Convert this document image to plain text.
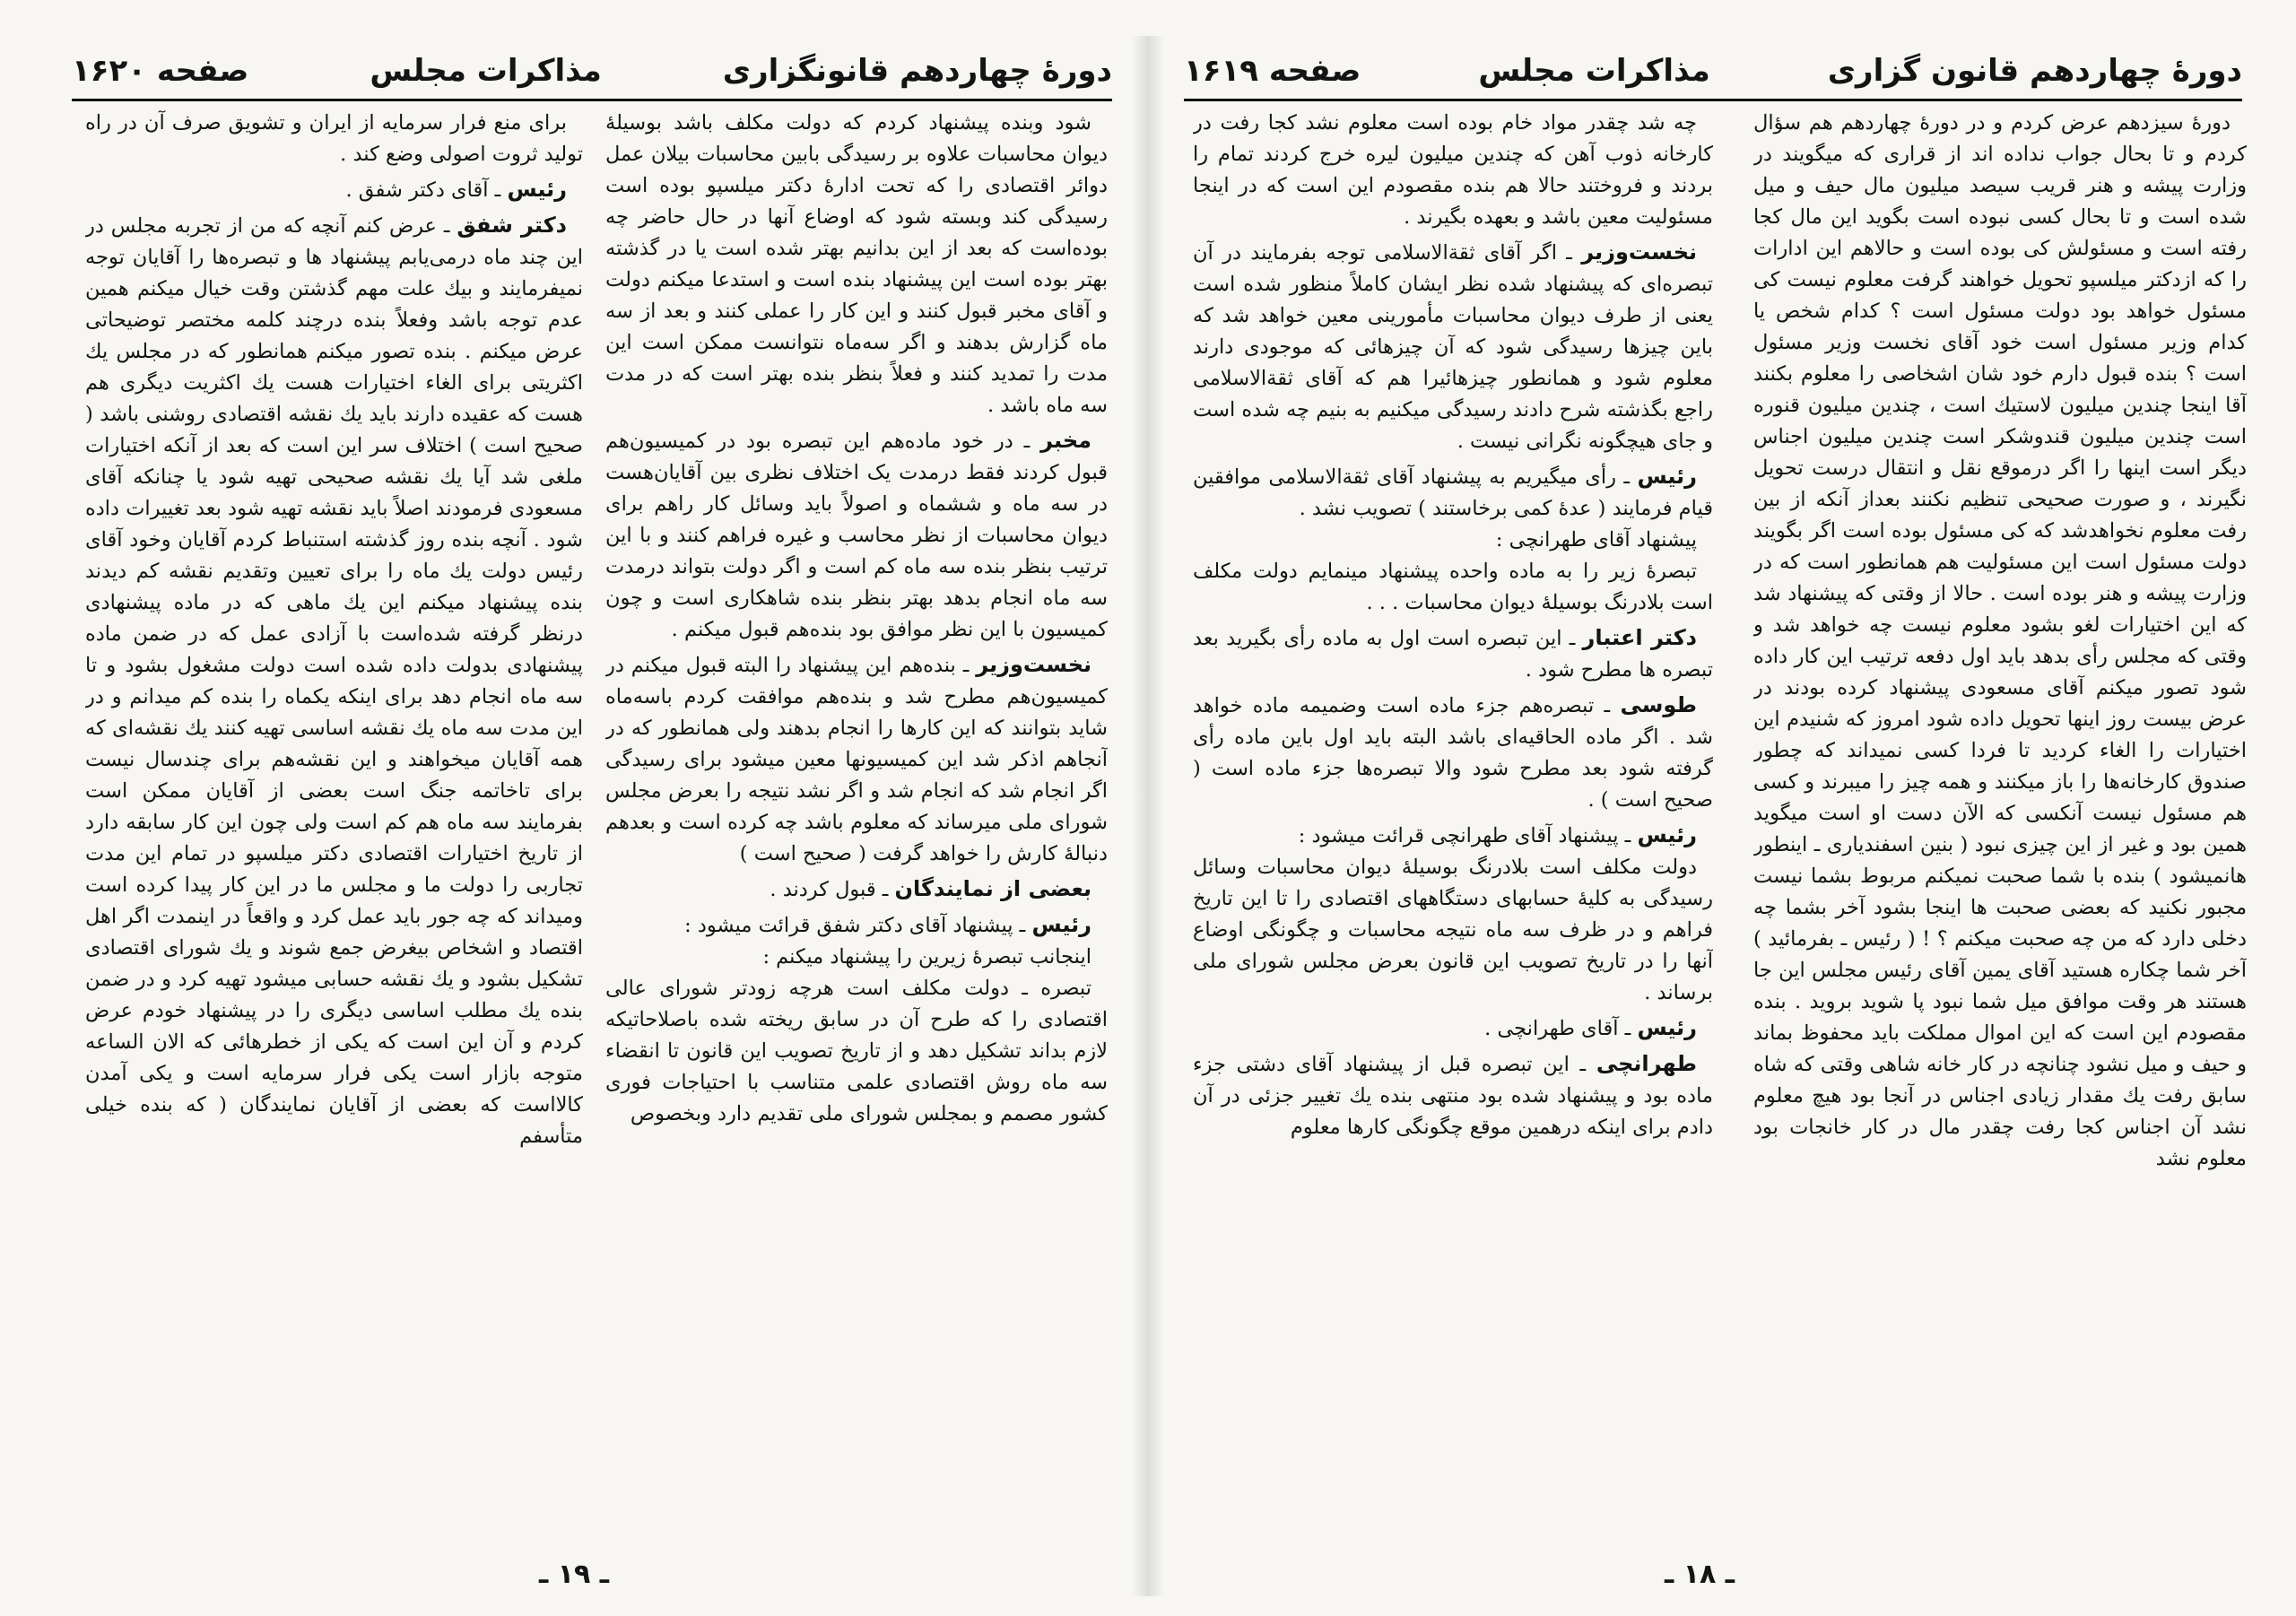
دورهٔ چهاردهم قانونگزاری
مذاکرات مجلس
صفحه ۱۶۲۰

شود وبنده پیشنهاد کردم که دولت مکلف باشد بوسیلهٔ دیوان محاسبات علاوه بر رسیدگی بابین محاسبات بیلان عمل دوائر اقتصادی را که تحت ادارهٔ دکتر میلسپو بوده است رسیدگی کند وبسته شود که اوضاع آنها در حال حاضر چه بوده‌است که بعد از این بدانیم بهتر شده است یا در گذشته بهتر بوده است این پیشنهاد بنده است و استدعا میکنم دولت و آقای مخبر قبول کنند و این کار را عملی کنند و بعد از سه ماه گزارش بدهند و اگر سه‌ماه نتوانست ممکن است این مدت را تمدید کنند و فعلاً بنظر بنده بهتر است که در مدت سه ماه باشد .

مخبر ـ در خود ماده‌هم این تبصره بود در کمیسیون‌هم قبول کردند فقط درمدت یک اختلاف نظری بین آقایان‌هست در سه ماه و ششماه و اصولاً باید وسائل کار راهم برای دیوان محاسبات از نظر محاسب و غیره فراهم کنند و با این ترتیب بنظر بنده سه ماه کم است و اگر دولت بتواند درمدت سه ماه انجام بدهد بهتر بنظر بنده شاهکاری است و چون کمیسیون با این نظر موافق بود بنده‌هم قبول میکنم .

نخست‌وزیر ـ بنده‌هم این پیشنهاد را البته قبول میکنم در کمیسیون‌هم مطرح شد و بنده‌هم موافقت کردم باسه‌ماه شاید بتوانند که این کارها را انجام بدهند ولی همانطور که در آنجاهم اذکر شد این کمیسیونها معین میشود برای رسیدگی اگر انجام شد که انجام شد و اگر نشد نتیجه را بعرض مجلس شورای ملی میرساند که معلوم باشد چه کرده است و بعدهم دنبالهٔ کارش را خواهد گرفت ( صحیح است )

بعضی از نمایندگان ـ قبول کردند .

رئیس ـ پیشنهاد آقای دکتر شفق قرائت میشود :

اینجانب تبصرهٔ زیرین را پیشنهاد میکنم :

تبصره ـ دولت مکلف است هرچه زودتر شورای عالی اقتصادی را که طرح آن در سابق ریخته شده باصلاحاتیکه لازم بداند تشکیل دهد و از تاریخ تصویب این قانون تا انقضاء سه ماه روش اقتصادی علمی متناسب با احتیاجات فوری کشور مصمم و بمجلس شورای ملی تقدیم دارد وبخصوص

برای منع فرار سرمایه از ایران و تشویق صرف آن در راه تولید ثروت اصولی وضع کند .

رئیس ـ آقای دکتر شفق .

دکتر شفق ـ عرض کنم آنچه که من از تجربه مجلس در این چند ماه درمی‌یابم پیشنهاد ها و تبصره‌ها را آقایان توجه نمیفرمایند و بیك علت مهم گذشتن وقت خیال میکنم همین عدم توجه باشد وفعلاً بنده درچند کلمه مختصر توضیحاتی عرض میکنم . بنده تصور میکنم همانطور که در مجلس یك اکثریتی برای الغاء اختیارات هست یك اکثریت دیگری هم هست که عقیده دارند باید یك نقشه اقتصادی روشنی باشد ( صحیح است ) اختلاف سر این است که بعد از آنکه اختیارات ملغی شد آیا یك نقشه صحیحی تهیه شود یا چنانکه آقای مسعودی فرمودند اصلاً باید نقشه تهیه شود بعد تغییرات داده شود . آنچه بنده روز گذشته استنباط کردم آقایان وخود آقای رئیس دولت یك ماه را برای تعیین وتقدیم نقشه کم دیدند بنده پیشنهاد میکنم این یك ماهی که در ماده پیشنهادی درنظر گرفته شده‌است با آزادی عمل که در ضمن ماده پیشنهادی بدولت داده شده است دولت مشغول بشود و تا سه ماه انجام دهد برای اینکه یکماه را بنده کم میدانم و در این مدت سه ماه یك نقشه اساسی تهیه کنند یك نقشه‌ای که همه آقایان میخواهند و این نقشه‌هم برای چندسال نیست برای تاخاتمه جنگ است بعضی از آقایان ممکن است بفرمایند سه ماه هم کم است ولی چون این کار سابقه دارد از تاریخ اختیارات اقتصادی دکتر میلسپو در تمام این مدت تجاربی را دولت ما و مجلس ما در این کار پیدا کرده است ومیداند که چه جور باید عمل کرد و واقعاً در اینمدت اگر اهل اقتصاد و اشخاص بیغرض جمع شوند و یك شورای اقتصادی تشکیل بشود و یك نقشه حسابی میشود تهیه کرد و در ضمن بنده یك مطلب اساسی دیگری را در پیشنهاد خودم عرض کردم و آن این است که یکی از خطرهائی که الا‌ن الساعه متوجه بازار است یکی فرار سرمایه است و یکی آمدن کالااست که بعضی از آقایان نمایندگان ( که بنده خیلی متأسفم

ـ ۱۹ ـ
دورهٔ چهاردهم قانون گزاری
مذاکرات مجلس
صفحه ۱۶۱۹

دورهٔ سیزدهم عرض کردم و در دورهٔ چهاردهم هم سؤال کردم و تا بحال جواب نداده اند از قراری که میگویند در وزارت پیشه و هنر قریب سیصد میلیون مال حیف و میل شده است و تا بحال کسی نبوده است بگوید این مال کجا رفته است و مسئولش کی بوده است و حالاهم این ادارات را که ازدکتر میلسپو تحویل خواهند گرفت معلوم نیست کی مسئول خواهد بود دولت مسئول است ؟ کدام شخص یا کدام وزیر مسئول است خود آقای نخست وزیر مسئول است ؟ بنده قبول دارم خود شان اشخاصی را معلوم بکنند آقا اینجا چندین میلیون لاستیك است ، چندین میلیون قنوره است چندین میلیون قندوشکر است چندین میلیون اجناس دیگر است اینها را اگر درموقع نقل و انتقال درست تحویل نگیرند ، و صورت صحیحی تنظیم نکنند بعداز آنکه از بین رفت معلوم نخواهدشد که کی مسئول بوده است اگر بگویند دولت مسئول است این مسئولیت هم همانطور است که در وزارت پیشه و هنر بوده است . حالا از وقتی که پیشنهاد شد که این اختیارات لغو بشود معلوم نیست چه خواهد شد و وقتی که مجلس رأی بدهد باید اول دفعه ترتیب این کار داده شود تصور میکنم آقای مسعودی پیشنهاد کرده بودند در عرض بیست روز اینها تحویل داده شود امروز که شنیدم این اختیارات را الغاء کردید تا فردا کسی نمیداند که چطور صندوق کارخانه‌ها را باز میکنند و همه چیز را میبرند و کسی هم مسئول نیست آنکسی که الآن دست او است میگوید همین بود و غیر از این چیزی نبود ( بنین اسفندیاری ـ اینطور هانمیشود ) بنده با شما صحبت نمیکنم مربوط بشما نیست مجبور نکنید که بعضی صحبت ها اینجا بشود آخر بشما چه دخلی دارد که من چه صحبت میکنم ؟ ! ( رئیس ـ بفرمائید ) آخر شما چکاره هستید آقای یمین آقای رئیس مجلس این جا هستند هر وقت موافق میل شما نبود پا شوید بروید . بنده مقصودم این است که این اموال مملکت باید محفوظ بماند و حیف و میل نشود چنانچه در کار خانه شاهی وقتی که شاه سابق رفت یك مقدار زیادی اجناس در آنجا بود هیچ معلوم نشد آن اجناس کجا رفت چقدر مال در کار خانجات بود معلوم نشد

چه شد چقدر مواد خام بوده است معلوم نشد کجا رفت در کارخانه ذوب آهن که چندین میلیون لیره خرج کردند تمام را بردند و فروختند حالا هم بنده مقصودم این است که در اینجا مسئولیت معین باشد و بعهده بگیرند .

نخست‌وزیر ـ اگر آقای ثقة‌الاسلامی توجه بفرمایند در آن تبصره‌ای که پیشنهاد شده نظر ایشان کاملاً منظور شده است یعنی از طرف دیوان محاسبات مأمورینی معین خواهد شد که باین چیزها رسیدگی شود که آن چیزهائی که موجودی دارند معلوم شود و همانطور چیزهائیرا هم که آقای ثقة‌الاسلامی راجع بگذشته شرح دادند رسیدگی میکنیم به بنیم چه شده است و جای هیچگونه نگرانی نیست .

رئیس ـ رأی میگیریم به پیشنهاد آقای ثقة‌الاسلامی موافقین قیام فرمایند ( عدهٔ کمی برخاستند ) تصویب نشد .

پیشنهاد آقای طهرانچی :

تبصرهٔ زیر را به ماده واحده پیشنهاد مینمایم دولت مکلف است بلادرنگ بوسیلهٔ دیوان محاسبات . . .

دکتر اعتبار ـ این تبصره است اول به ماده رأی بگیرید بعد تبصره ها مطرح شود .

طوسی ـ تبصره‌هم جزء ماده است وضمیمه ماده خواهد شد . اگر ماده الحاقیه‌ای باشد البته باید اول باین ماده رأی گرفته شود بعد مطرح شود والا تبصره‌ها جزء ماده است ( صحیح است ) .

رئیس ـ پیشنهاد آقای طهرانچی قرائت میشود :

دولت مکلف است بلادرنگ بوسیلهٔ دیوان محاسبات وسائل رسیدگی به کلیهٔ حسابهای دستگاههای اقتصادی را تا این تاریخ فراهم و در ظرف سه ماه نتیجه محاسبات و چگونگی اوضاع آنها را در تاریخ تصویب این قانون بعرض مجلس شورای ملی برساند .

رئیس ـ آقای طهرانچی .

طهرانچی ـ این تبصره قبل از پیشنهاد آقای دشتی جزء ماده بود و پیشنهاد شده بود منتهی بنده یك تغییر جزئی در آن دادم برای اینکه درهمین موقع چگونگی کارها معلوم

ـ ۱۸ ـ
